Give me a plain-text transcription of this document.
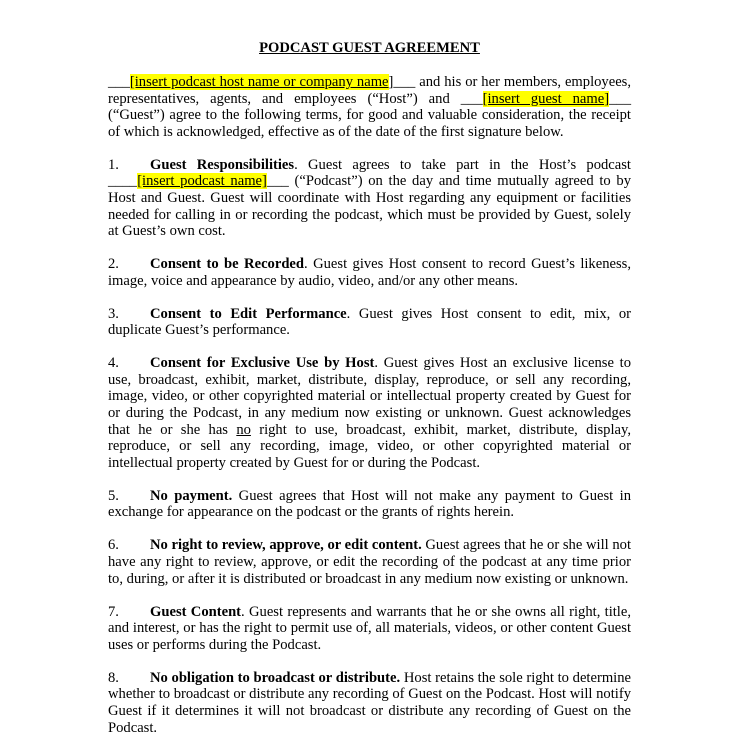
PODCAST GUEST AGREEMENT

___[insert podcast host name or company name]___ and his or her members, employees, representatives, agents, and employees (“Host”) and ___[insert guest name]___ (“Guest”) agree to the following terms, for good and valuable consideration, the receipt of which is acknowledged, effective as of the date of the first signature below.

1. Guest Responsibilities. Guest agrees to take part in the Host’s podcast ____[insert podcast name]___ (“Podcast”) on the day and time mutually agreed to by Host and Guest. Guest will coordinate with Host regarding any equipment or facilities needed for calling in or recording the podcast, which must be provided by Guest, solely at Guest’s own cost.

2. Consent to be Recorded. Guest gives Host consent to record Guest’s likeness, image, voice and appearance by audio, video, and/or any other means.

3. Consent to Edit Performance. Guest gives Host consent to edit, mix, or duplicate Guest’s performance.

4. Consent for Exclusive Use by Host. Guest gives Host an exclusive license to use, broadcast, exhibit, market, distribute, display, reproduce, or sell any recording, image, video, or other copyrighted material or intellectual property created by Guest for or during the Podcast, in any medium now existing or unknown. Guest acknowledges that he or she has no right to use, broadcast, exhibit, market, distribute, display, reproduce, or sell any recording, image, video, or other copyrighted material or intellectual property created by Guest for or during the Podcast.

5. No payment. Guest agrees that Host will not make any payment to Guest in exchange for appearance on the podcast or the grants of rights herein.

6. No right to review, approve, or edit content. Guest agrees that he or she will not have any right to review, approve, or edit the recording of the podcast at any time prior to, during, or after it is distributed or broadcast in any medium now existing or unknown.

7. Guest Content. Guest represents and warrants that he or she owns all right, title, and interest, or has the right to permit use of, all materials, videos, or other content Guest uses or performs during the Podcast.

8. No obligation to broadcast or distribute. Host retains the sole right to determine whether to broadcast or distribute any recording of Guest on the Podcast. Host will notify Guest if it determines it will not broadcast or distribute any recording of Guest on the Podcast.
